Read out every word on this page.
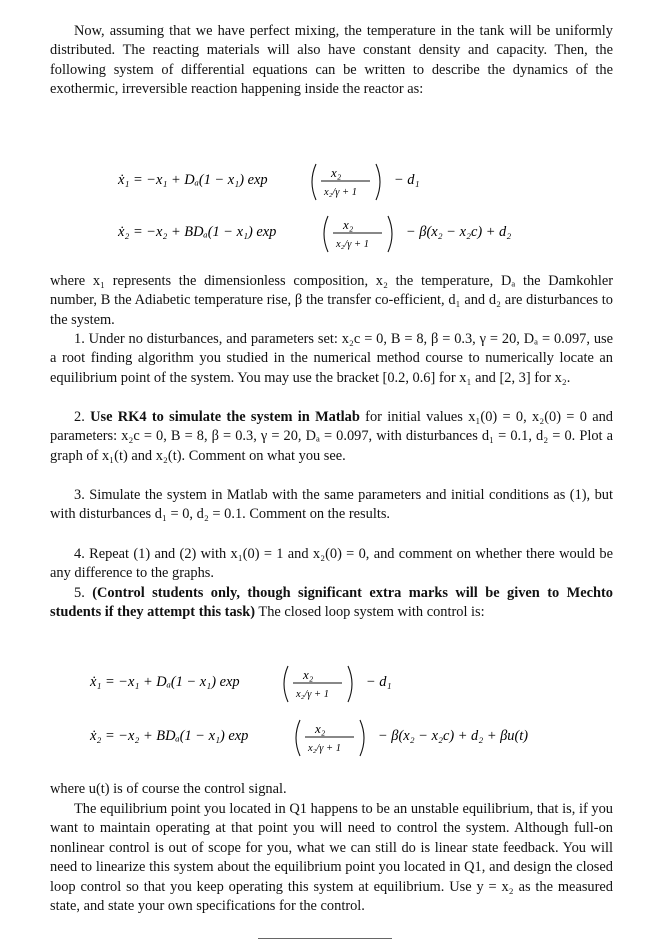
Now, assuming that we have perfect mixing, the temperature in the tank will be uniformly distributed. The reacting materials will also have constant density and capacity. Then, the following system of differential equations can be written to describe the dynamics of the exothermic, irreversible reaction happening inside the reactor as:

ẋ₁ = −x₁ + Dₐ(1 − x₁) exp	x₂
x₂/γ + 1
− d₁
ẋ₂ = −x₂ + BDₐ(1 − x₁) exp	x₂
x₂/γ + 1
− β(x₂ − x₂c) + d₂

where x₁ represents the dimensionless composition, x₂ the temperature, Dₐ the Damkohler number, B the Adiabetic temperature rise, β the transfer co-efficient, d₁ and d₂ are disturbances to the system.

1. Under no disturbances, and parameters set: x₂c = 0, B = 8, β = 0.3, γ = 20, Dₐ = 0.097, use a root finding algorithm you studied in the numerical method course to numerically locate an equilibrium point of the system. You may use the bracket [0.2, 0.6] for x₁ and [2, 3] for x₂.

2. Use RK4 to simulate the system in Matlab for initial values x₁(0) = 0, x₂(0) = 0 and parameters: x₂c = 0, B = 8, β = 0.3, γ = 20, Dₐ = 0.097, with disturbances d₁ = 0.1, d₂ = 0. Plot a graph of x₁(t) and x₂(t). Comment on what you see.

3. Simulate the system in Matlab with the same parameters and initial conditions as (1), but with disturbances d₁ = 0, d₂ = 0.1. Comment on the results.

4. Repeat (1) and (2) with x₁(0) = 1 and x₂(0) = 0, and comment on whether there would be any difference to the graphs.

5. (Control students only, though significant extra marks will be given to Mechto students if they attempt this task) The closed loop system with control is:

ẋ₁ = −x₁ + Dₐ(1 − x₁) exp	x₂
x₂/γ + 1
− d₁
ẋ₂ = −x₂ + BDₐ(1 − x₁) exp	x₂
x₂/γ + 1
− β(x₂ − x₂c) + d₂ + βu(t)

where u(t) is of course the control signal.

The equilibrium point you located in Q1 happens to be an unstable equilibrium, that is, if you want to maintain operating at that point you will need to control the system. Although full-on nonlinear control is out of scope for you, what we can still do is linear state feedback. You will need to linearize this system about the equilibrium point you located in Q1, and design the closed loop control so that you keep operating this system at equilibrium. Use y = x₂ as the measured state, and state your own specifications for the control.
